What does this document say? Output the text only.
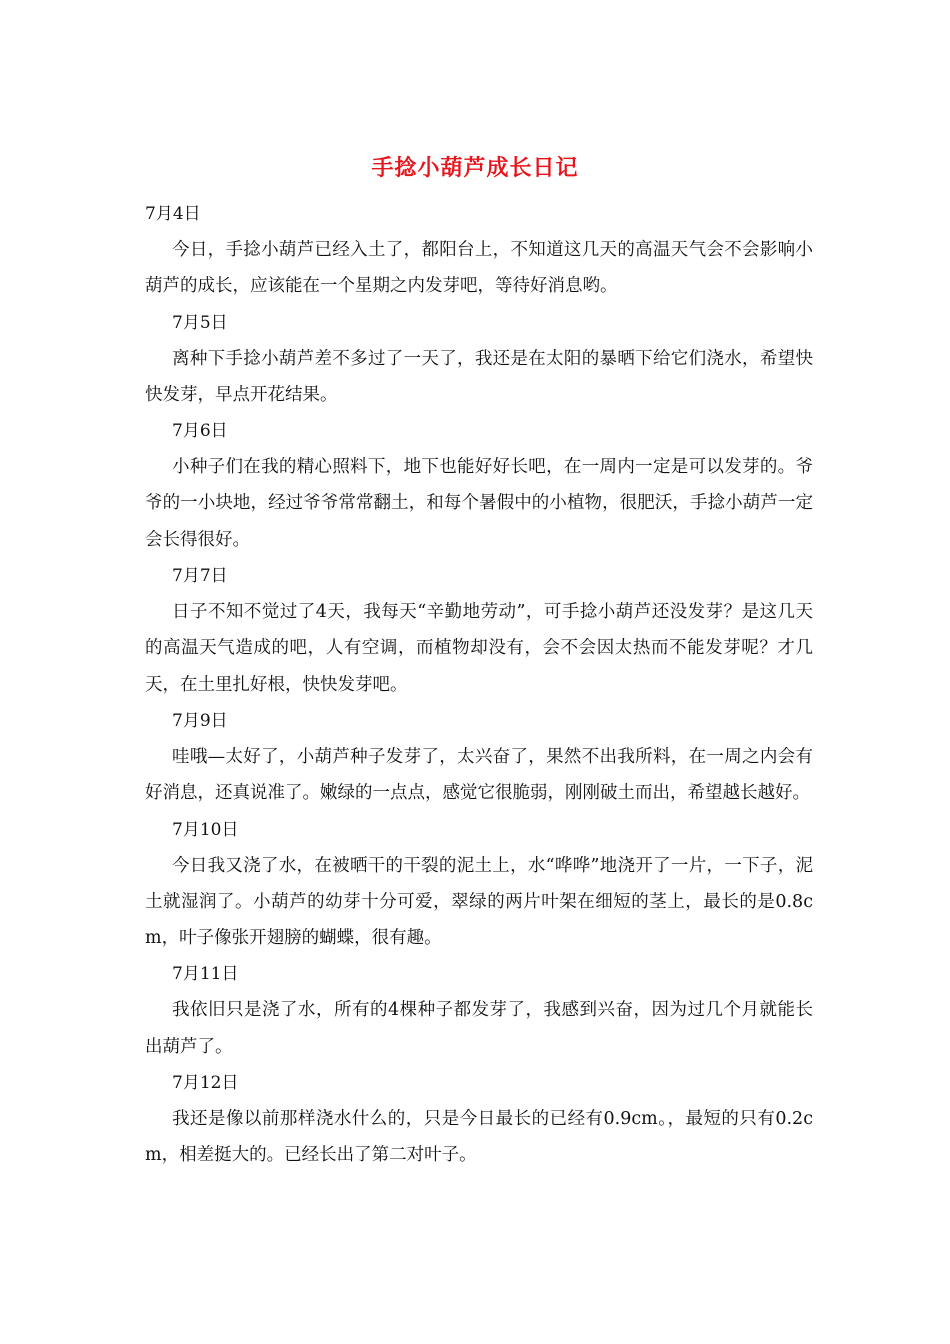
手捻小葫芦成长日记
7月4日

今日，手捻小葫芦已经入土了，都阳台上，不知道这几天的高温天气会不会影响小葫芦的成长，应该能在一个星期之内发芽吧，等待好消息哟。

7月5日

离种下手捻小葫芦差不多过了一天了，我还是在太阳的暴晒下给它们浇水，希望快快发芽，早点开花结果。

7月6日

小种子们在我的精心照料下，地下也能好好长吧，在一周内一定是可以发芽的。爷爷的一小块地，经过爷爷常常翻土，和每个暑假中的小植物，很肥沃，手捻小葫芦一定会长得很好。

7月7日

日子不知不觉过了4天，我每天“辛勤地劳动”，可手捻小葫芦还没发芽？是这几天的高温天气造成的吧，人有空调，而植物却没有，会不会因太热而不能发芽呢？才几天，在土里扎好根，快快发芽吧。

7月9日

哇哦—太好了，小葫芦种子发芽了，太兴奋了，果然不出我所料，在一周之内会有好消息，还真说准了。嫩绿的一点点，感觉它很脆弱，刚刚破土而出，希望越长越好。

7月10日

今日我又浇了水，在被晒干的干裂的泥土上，水“哗哗”地浇开了一片，一下子，泥土就湿润了。小葫芦的幼芽十分可爱，翠绿的两片叶架在细短的茎上，最长的是0.8cm，叶子像张开翅膀的蝴蝶，很有趣。

7月11日

我依旧只是浇了水，所有的4棵种子都发芽了，我感到兴奋，因为过几个月就能长出葫芦了。

7月12日

我还是像以前那样浇水什么的，只是今日最长的已经有0.9cm。，最短的只有0.2cm，相差挺大的。已经长出了第二对叶子。
